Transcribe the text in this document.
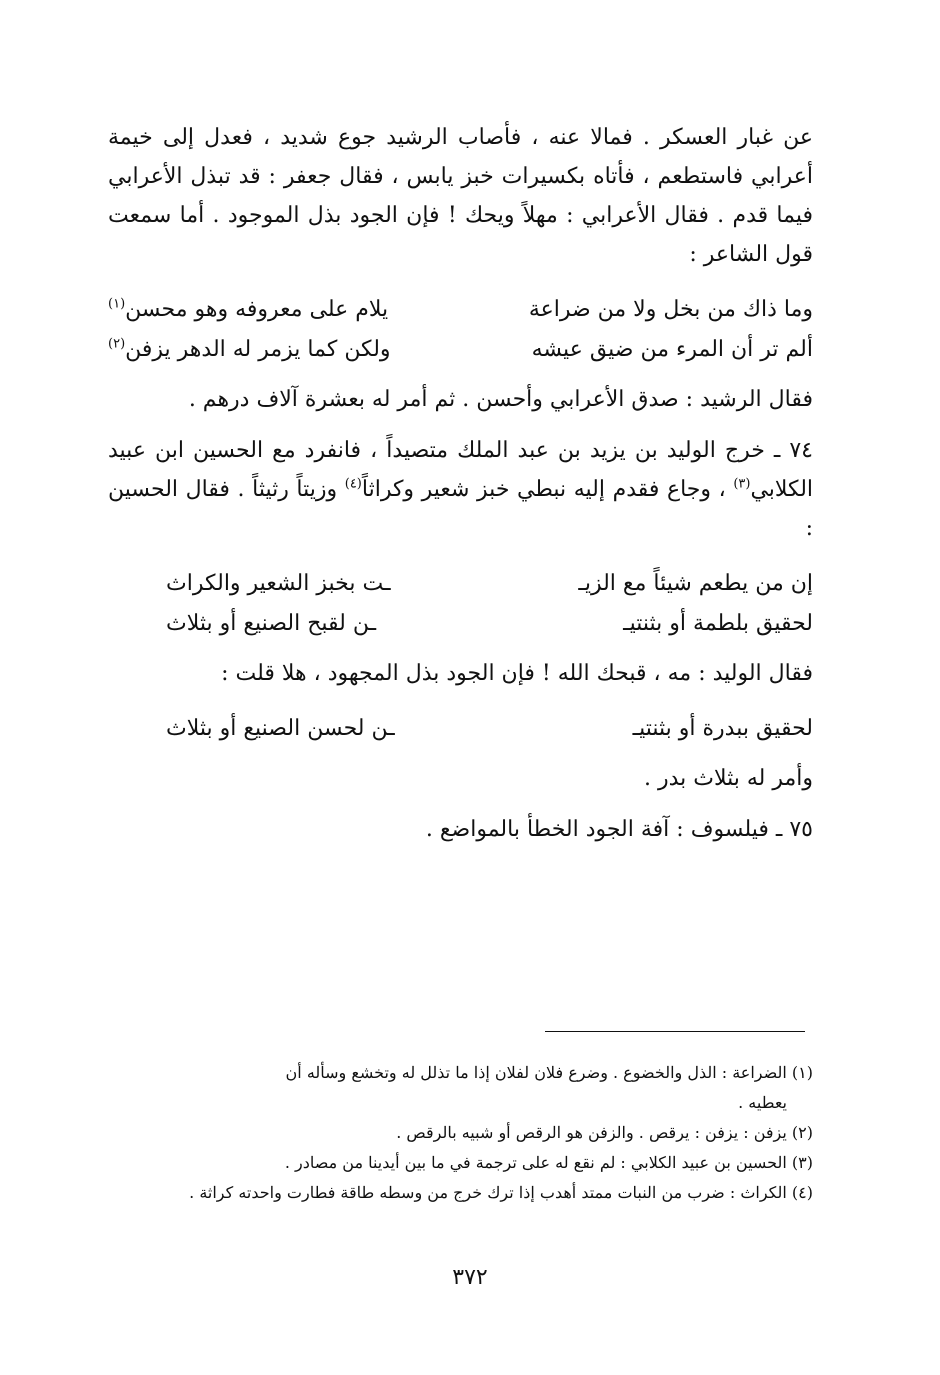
عن غبار العسكر . فمالا عنه ، فأصاب الرشيد جوع شديد ، فعدل إلى خيمة أعرابي فاستطعم ، فأتاه بكسيرات خبز يابس ، فقال جعفر : قد تبذل الأعرابي فيما قدم . فقال الأعرابي : مهلاً ويحك ! فإن الجود بذل الموجود . أما سمعت قول الشاعر :

وما ذاك من بخل ولا من ضراعة
يلام على معروفه وهو محسن$^{(١)}$
ألم تر أن المرء من ضيق عيشه
ولكن كما يزمر له الدهر يزفن$^{(٢)}$

فقال الرشيد : صدق الأعرابي وأحسن . ثم أمر له بعشرة آلاف درهم .

٧٤ ـ خرج الوليد بن يزيد بن عبد الملك متصيداً ، فانفرد مع الحسين ابن عبيد الكلابي$^{(٣)}$ ، وجاع فقدم إليه نبطي خبز شعير وكراثاً$^{(٤)}$ وزيتاً رثيثاً . فقال الحسين :

إن من يطعم شيئاً مع الزيـ
ـت بخبز الشعير والكراث
لحقيق بلطمة أو بثنتيـ
ـن لقبح الصنيع أو بثلاث

فقال الوليد : مه ، قبحك الله ! فإن الجود بذل المجهود ، هلا قلت :

لحقيق ببدرة أو بثنتيـ
ـن لحسن الصنيع أو بثلاث

وأمر له بثلاث بدر .

٧٥ ـ فيلسوف : آفة الجود الخطأ بالمواضع .

(١) الضراعة : الذل والخضوع . وضرع فلان لفلان إذا ما تذلل له وتخشع وسأله أن

يعطيه .

(٢) يزفن : يزفن : يرقص . والزفن هو الرقص أو شبيه بالرقص .

(٣) الحسين بن عبيد الكلابي : لم نقع له على ترجمة في ما بين أيدينا من مصادر .

(٤) الكراث : ضرب من النبات ممتد أهدب إذا ترك خرج من وسطه طاقة فطارت واحدته كراثة .

٣٧٢
